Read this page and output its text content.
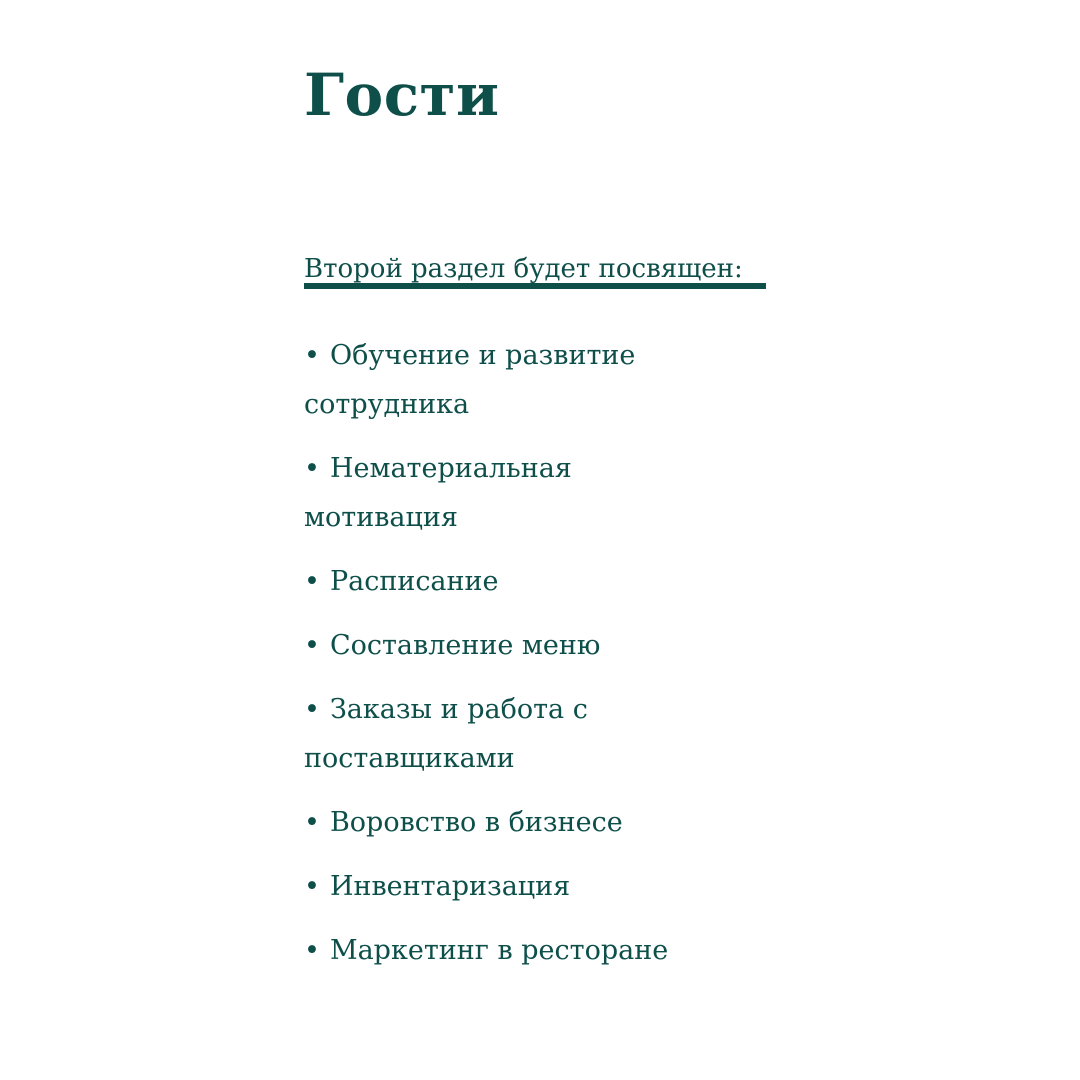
Гости
Второй раздел будет посвящен:
• Обучение и развитие сотрудника
• Нематериальная мотивация
• Расписание
• Составление меню
• Заказы и работа с поставщиками
• Воровство в бизнесе
• Инвентаризация
• Маркетинг в ресторане
